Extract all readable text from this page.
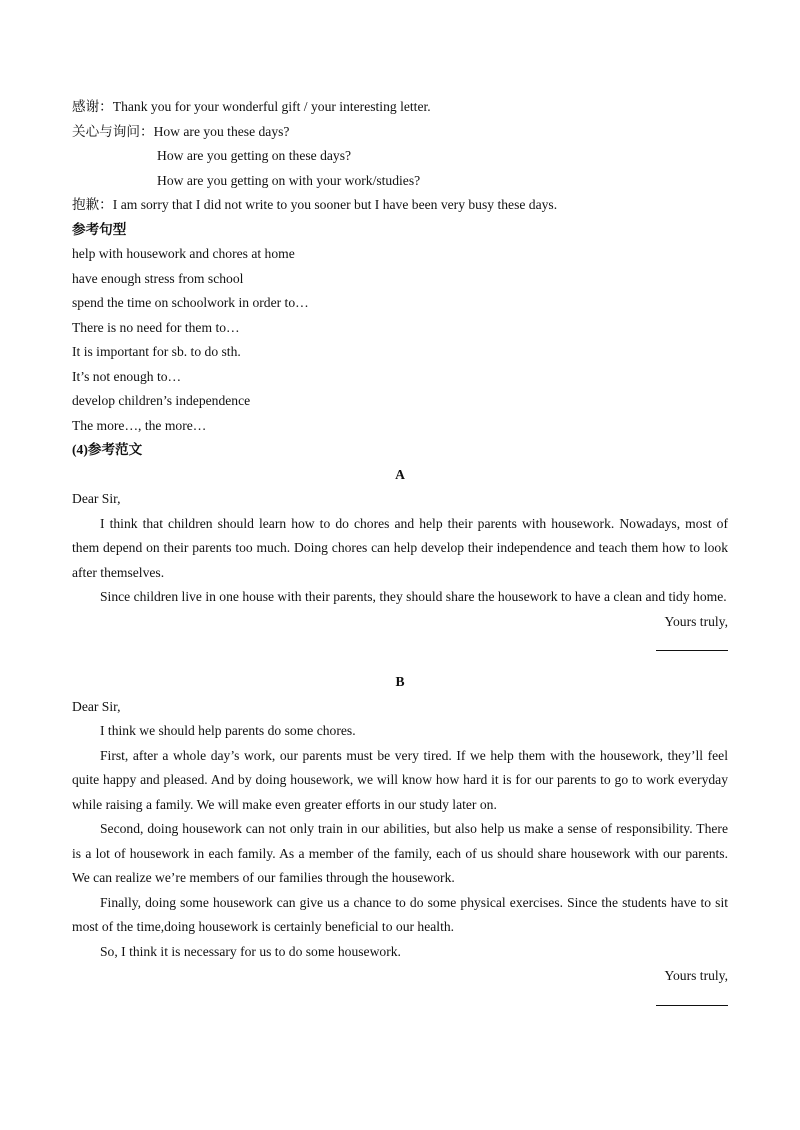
感谢： Thank you for your wonderful gift / your interesting letter.
关心与询问： How are you these days?
How are you getting on these days?
How are you getting on with your work/studies?
抱歉： I am sorry that I did not write to you sooner but I have been very busy these days.
参考句型
help with housework and chores at home
have enough stress from school
spend the time on schoolwork in order to…
There is no need for them to…
It is important for sb. to do sth.
It’s not enough to…
develop children’s independence
The more…, the more…
(4)参考范文
A
Dear Sir,
I think that children should learn how to do chores and help their parents with housework. Nowadays, most of them depend on their parents too much. Doing chores can help develop their independence and teach them how to look after themselves.
Since children live in one house with their parents, they should share the housework to have a clean and tidy home.
Yours truly,
B
Dear Sir,
I think we should help parents do some chores.
First, after a whole day’s work, our parents must be very tired. If we help them with the housework, they’ll feel quite happy and pleased. And by doing housework, we will know how hard it is for our parents to go to work everyday while raising a family. We will make even greater efforts in our study later on.
Second, doing housework can not only train in our abilities, but also help us make a sense of responsibility. There is a lot of housework in each family. As a member of the family, each of us should share housework with our parents. We can realize we’re members of our families through the housework.
Finally, doing some housework can give us a chance to do some physical exercises. Since the students have to sit most of the time,doing housework is certainly beneficial to our health.
So, I think it is necessary for us to do some housework.
Yours truly,
